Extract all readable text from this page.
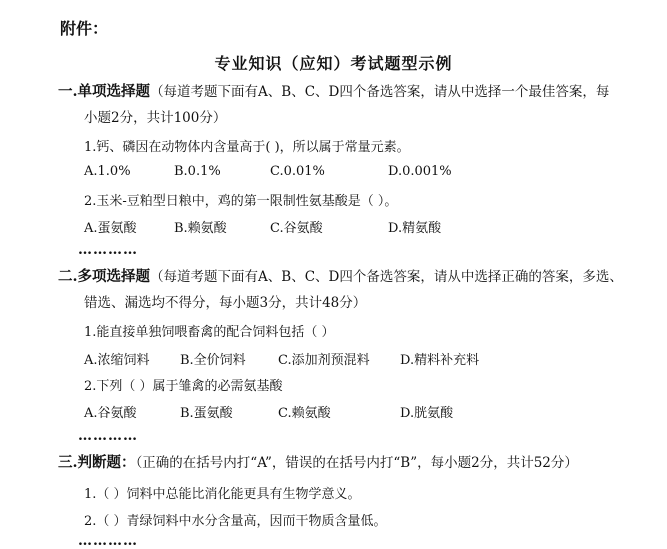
附件：
专业知识（应知）考试题型示例
一.单项选择题（每道考题下面有A、B、C、D四个备选答案，请从中选择一个最佳答案，每
小题2分，共计100分）
1.钙、磷因在动物体内含量高于( )，所以属于常量元素。
A.1.0%	B.0.1%	C.0.01%	D.0.001%
2.玉米-豆粕型日粮中，鸡的第一限制性氨基酸是（ ）。
A.蛋氨酸	B.赖氨酸	C.谷氨酸	D.精氨酸
…………
二.多项选择题（每道考题下面有A、B、C、D四个备选答案，请从中选择正确的答案，多选、
错选、漏选均不得分，每小题3分，共计48分）
1.能直接单独饲喂畜禽的配合饲料包括（ ）
A.浓缩饲料 B.全价饲料 C.添加剂预混料 D.精料补充料
2.下列（ ）属于雏禽的必需氨基酸
A.谷氨酸	B.蛋氨酸	C.赖氨酸	D.胱氨酸
…………
三.判断题：（正确的在括号内打“A”，错误的在括号内打“B”，每小题2分，共计52分）
1.（ ）饲料中总能比消化能更具有生物学意义。
2.（ ）青绿饲料中水分含量高，因而干物质含量低。
…………
